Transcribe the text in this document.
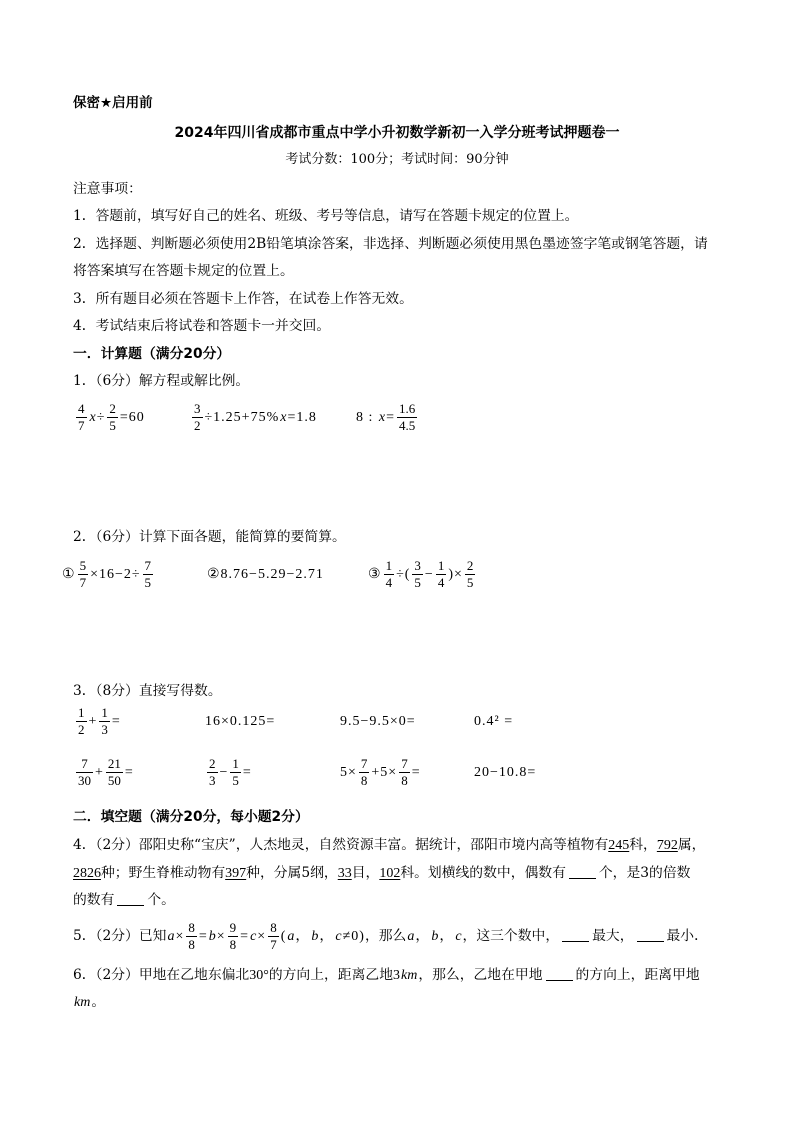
保密★启用前
2024年四川省成都市重点中学小升初数学新初一入学分班考试押题卷一
考试分数：100分；考试时间：90分钟
注意事项：
1．答题前，填写好自己的姓名、班级、考号等信息，请写在答题卡规定的位置上。
2．选择题、判断题必须使用2B铅笔填涂答案，非选择、判断题必须使用黑色墨迹签字笔或钢笔答题，请
将答案填写在答题卡规定的位置上。
3．所有题目必须在答题卡上作答，在试卷上作答无效。
4．考试结束后将试卷和答题卡一并交回。
一．计算题（满分20分）
1．（6分）解方程或解比例。
$\frac{4}{7} x\div \frac{2}{5} =60$	$\frac{3}{2} \div 1.25+75\%x=1.8$	8 : $x= \frac{1.6}{4.5}$
2．（6分）计算下面各题，能简算的要简算。
① $\frac{5}{7} \times 16-2\div \frac{7}{5}$	②8.76−5.29−2.71	③ $\frac{1}{4}$ ÷( $\frac{3}{5} - \frac{1}{4}$ )× $\frac{2}{5}$
3．（8分）直接写得数。
$\frac{1}{2} + \frac{1}{3}$ =	16×0.125=	9.5−9.5×0=	0.4² =
$\frac{7}{30} + \frac{21}{50}$ =	$\frac{2}{3} - \frac{1}{5}$ =	$5\times \frac{7}{8} +5\times \frac{7}{8}$ =	20−10.8=
二．填空题（满分20分，每小题2分）
4．（2分）邵阳史称“宝庆”，人杰地灵，自然资源丰富。据统计，邵阳市境内高等植物有245科，792属，
2826种；野生脊椎动物有397种，分属5纲，33目，102科。划横线的数中，偶数有 个，是3的倍数
的数有 个。
5．（2分）已知$a\times \frac{8}{8} =b\times \frac{9}{8} =c\times \frac{8}{7} (a$，b，c≠0)，那么a，b，c，这三个数中， 最大， 最小．
6．（2分）甲地在乙地东偏北30°的方向上，距离乙地3km，那么，乙地在甲地 的方向上，距离甲地
km。
